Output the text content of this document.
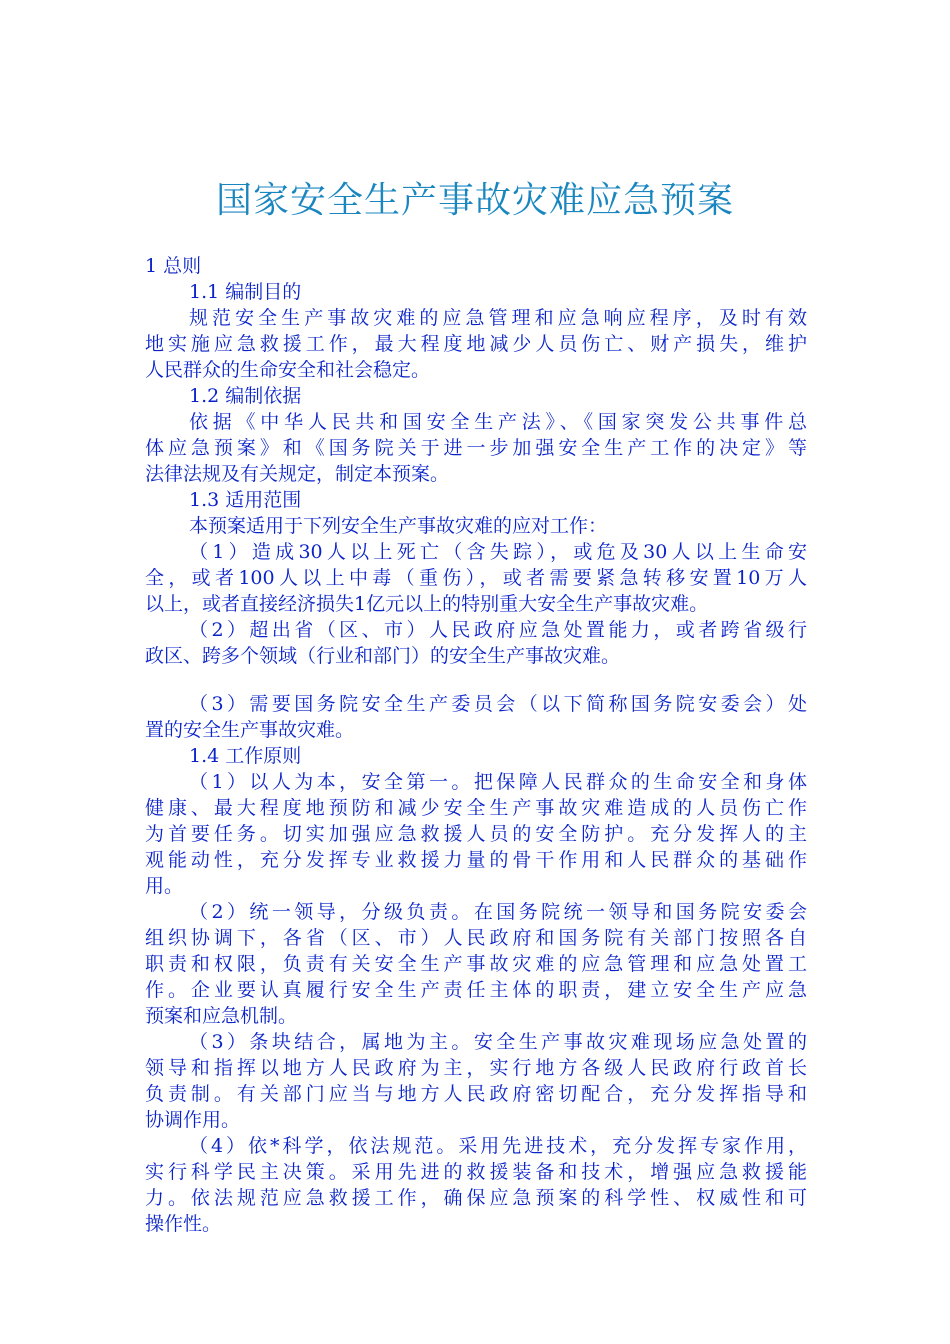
国家安全生产事故灾难应急预案
1 总则
1.1 编制目的
规范安全生产事故灾难的应急管理和应急响应程序，及时有效
地实施应急救援工作，最大程度地减少人员伤亡、财产损失，维护
人民群众的生命安全和社会稳定。
1.2 编制依据
依据《中华人民共和国安全生产法》、《国家突发公共事件总
体应急预案》和《国务院关于进一步加强安全生产工作的决定》等
法律法规及有关规定，制定本预案。
1.3 适用范围
本预案适用于下列安全生产事故灾难的应对工作：
（1）造成30人以上死亡（含失踪），或危及30人以上生命安
全，或者100人以上中毒（重伤），或者需要紧急转移安置10万人
以上，或者直接经济损失1亿元以上的特别重大安全生产事故灾难。
（2）超出省（区、市）人民政府应急处置能力，或者跨省级行
政区、跨多个领域（行业和部门）的安全生产事故灾难。
（3）需要国务院安全生产委员会（以下简称国务院安委会）处
置的安全生产事故灾难。
1.4 工作原则
（1）以人为本，安全第一。把保障人民群众的生命安全和身体
健康、最大程度地预防和减少安全生产事故灾难造成的人员伤亡作
为首要任务。切实加强应急救援人员的安全防护。充分发挥人的主
观能动性，充分发挥专业救援力量的骨干作用和人民群众的基础作
用。
（2）统一领导，分级负责。在国务院统一领导和国务院安委会
组织协调下，各省（区、市）人民政府和国务院有关部门按照各自
职责和权限，负责有关安全生产事故灾难的应急管理和应急处置工
作。企业要认真履行安全生产责任主体的职责，建立安全生产应急
预案和应急机制。
（3）条块结合，属地为主。安全生产事故灾难现场应急处置的
领导和指挥以地方人民政府为主，实行地方各级人民政府行政首长
负责制。有关部门应当与地方人民政府密切配合，充分发挥指导和
协调作用。
（4）依*科学，依法规范。采用先进技术，充分发挥专家作用，
实行科学民主决策。采用先进的救援装备和技术，增强应急救援能
力。依法规范应急救援工作，确保应急预案的科学性、权威性和可
操作性。
